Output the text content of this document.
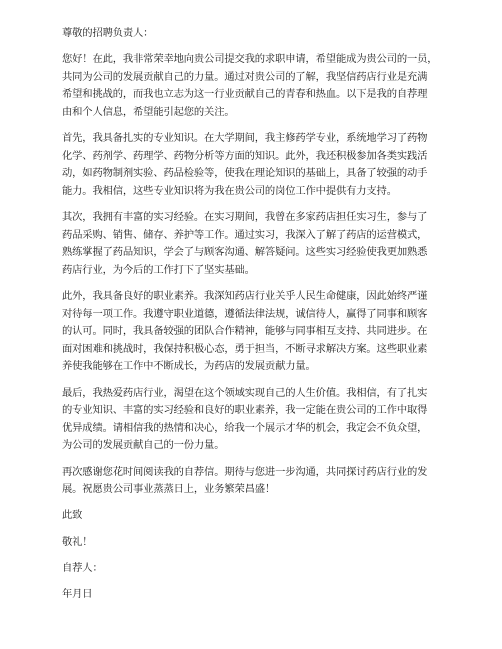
尊敬的招聘负责人：

您好！在此，我非常荣幸地向贵公司提交我的求职申请，希望能成为贵公司的一员，

共同为公司的发展贡献自己的力量。通过对贵公司的了解，我坚信药店行业是充满

希望和挑战的，而我也立志为这一行业贡献自己的青春和热血。以下是我的自荐理

由和个人信息，希望能引起您的关注。

首先，我具备扎实的专业知识。在大学期间，我主修药学专业，系统地学习了药物

化学、药剂学、药理学、药物分析等方面的知识。此外，我还积极参加各类实践活

动，如药物制剂实验、药品检验等，使我在理论知识的基础上，具备了较强的动手

能力。我相信，这些专业知识将为我在贵公司的岗位工作中提供有力支持。

其次，我拥有丰富的实习经验。在实习期间，我曾在多家药店担任实习生，参与了

药品采购、销售、储存、养护等工作。通过实习，我深入了解了药店的运营模式，

熟练掌握了药品知识，学会了与顾客沟通、解答疑问。这些实习经验使我更加熟悉

药店行业，为今后的工作打下了坚实基础。

此外，我具备良好的职业素养。我深知药店行业关乎人民生命健康，因此始终严谨

对待每一项工作。我遵守职业道德，遵循法律法规，诚信待人，赢得了同事和顾客

的认可。同时，我具备较强的团队合作精神，能够与同事相互支持、共同进步。在

面对困难和挑战时，我保持积极心态，勇于担当，不断寻求解决方案。这些职业素

养使我能够在工作中不断成长，为药店的发展贡献力量。

最后，我热爱药店行业，渴望在这个领域实现自己的人生价值。我相信，有了扎实

的专业知识、丰富的实习经验和良好的职业素养，我一定能在贵公司的工作中取得

优异成绩。请相信我的热情和决心，给我一个展示才华的机会，我定会不负众望，

为公司的发展贡献自己的一份力量。

再次感谢您花时间阅读我的自荐信。期待与您进一步沟通，共同探讨药店行业的发

展。祝愿贵公司事业蒸蒸日上，业务繁荣昌盛！

此致

敬礼！

自荐人：

年月日
